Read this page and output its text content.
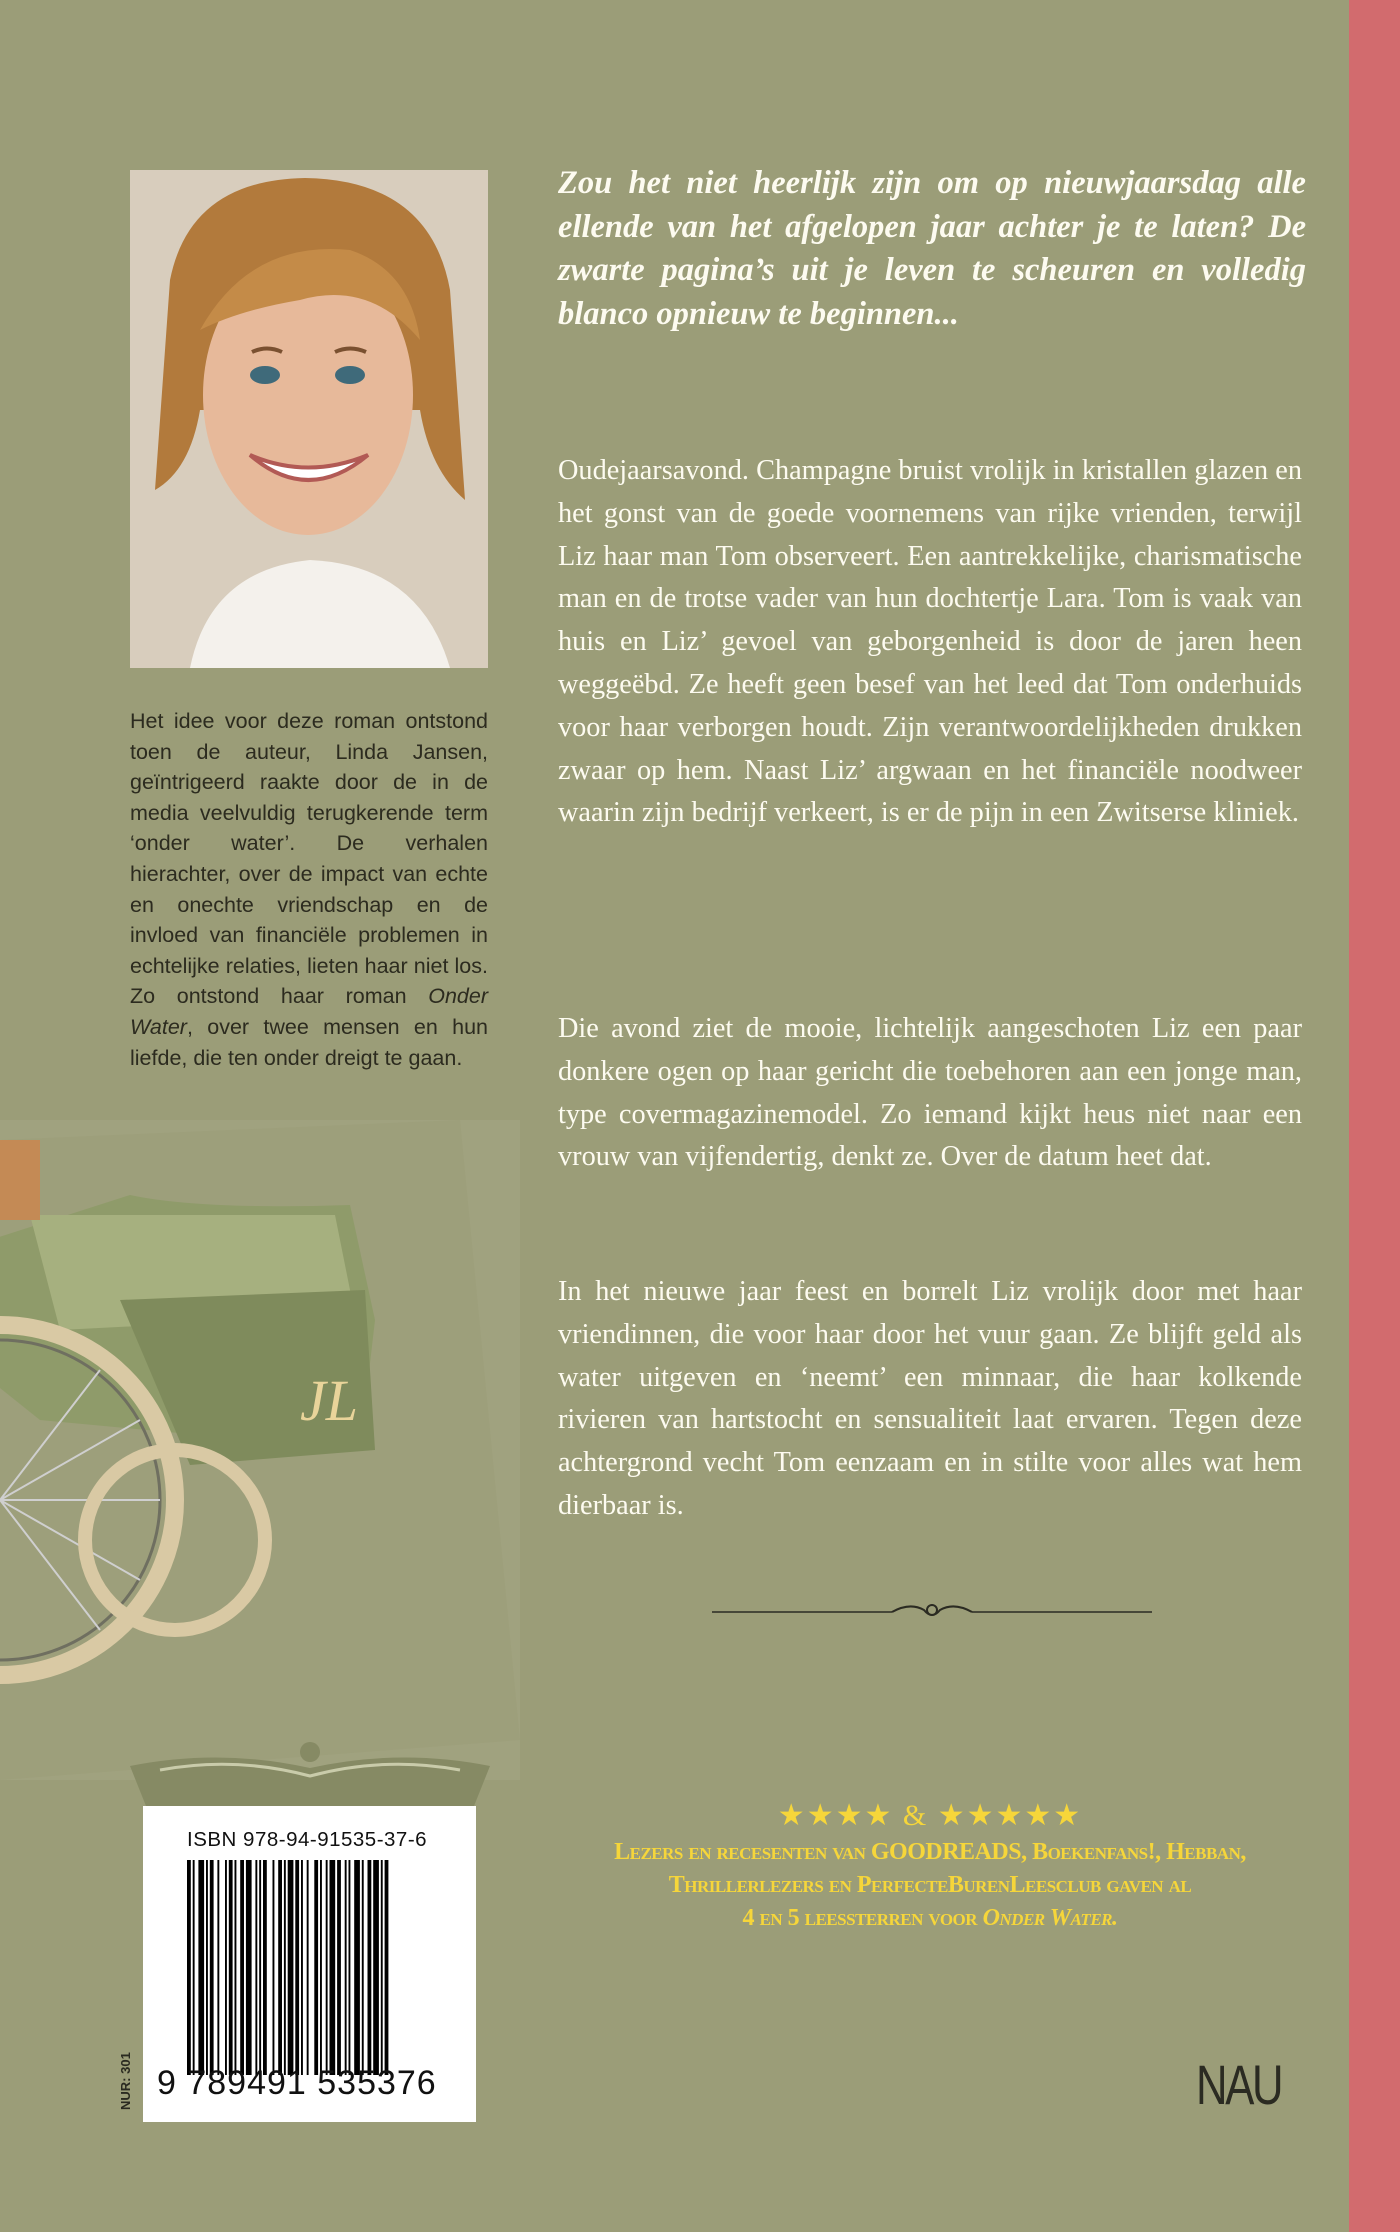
Het idee voor deze roman ontstond toen de auteur, Linda Jansen, geïntrigeerd raakte door de in de media veelvuldig terugkerende term ‘onder water’. De verhalen hierachter, over de impact van echte en onechte vriendschap en de invloed van financiële problemen in echtelijke relaties, lieten haar niet los. Zo ontstond haar roman Onder Water, over twee mensen en hun liefde, die ten onder dreigt te gaan.

Zou het niet heerlijk zijn om op nieuwjaarsdag alle ellende van het afgelopen jaar achter je te laten? De zwarte pagina’s uit je leven te scheuren en volledig blanco opnieuw te beginnen...

Oudejaarsavond. Champagne bruist vrolijk in kristallen glazen en het gonst van de goede voornemens van rijke vrienden, terwijl Liz haar man Tom observeert. Een aantrekkelijke, charismatische man en de trotse vader van hun dochtertje Lara. Tom is vaak van huis en Liz’ gevoel van geborgenheid is door de jaren heen weggeëbd. Ze heeft geen besef van het leed dat Tom onderhuids voor haar verborgen houdt. Zijn verantwoordelijkheden drukken zwaar op hem. Naast Liz’ argwaan en het financiële noodweer waarin zijn bedrijf verkeert, is er de pijn in een Zwitserse kliniek.

Die avond ziet de mooie, lichtelijk aangeschoten Liz een paar donkere ogen op haar gericht die toebehoren aan een jonge man, type covermagazinemodel. Zo iemand kijkt heus niet naar een vrouw van vijfendertig, denkt ze. Over de datum heet dat.

In het nieuwe jaar feest en borrelt Liz vrolijk door met haar vriendinnen, die voor haar door het vuur gaan. Ze blijft geld als water uitgeven en ‘neemt’ een minnaar, die haar kolkende rivieren van hartstocht en sensualiteit laat ervaren. Tegen deze achtergrond vecht Tom eenzaam en in stilte voor alles wat hem dierbaar is.

JL

ISBN 978-94-91535-37-6

9 789491 535376

NUR: 301

★★★★ & ★★★★★

Lezers en recesenten van GOODREADS, Boekenfans!, Hebban,

Thrillerlezers en PerfecteBurenLeesclub gaven al

4 en 5 leessterren voor Onder Water.

NAU
